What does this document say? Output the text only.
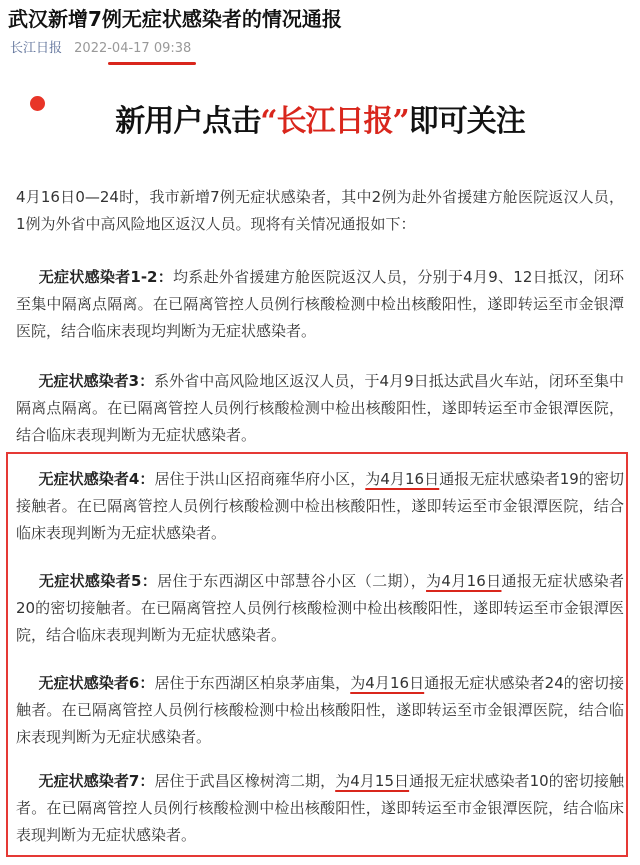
武汉新增7例无症状感染者的情况通报
长江日报 2022-04-17 09:38
新用户点击“长江日报”即可关注
4月16日0—24时，我市新增7例无症状感染者，其中2例为赴外省援建方舱医院返汉人员，1例为外省中高风险地区返汉人员。现将有关情况通报如下：
  无症状感染者1-2：均系赴外省援建方舱医院返汉人员，分别于4月9、12日抵汉，闭环至集中隔离点隔离。在已隔离管控人员例行核酸检测中检出核酸阳性，遂即转运至市金银潭医院，结合临床表现均判断为无症状感染者。
  无症状感染者3：系外省中高风险地区返汉人员，于4月9日抵达武昌火车站，闭环至集中隔离点隔离。在已隔离管控人员例行核酸检测中检出核酸阳性，遂即转运至市金银潭医院，结合临床表现判断为无症状感染者。
  无症状感染者4：居住于洪山区招商雍华府小区，为4月16日通报无症状感染者19的密切接触者。在已隔离管控人员例行核酸检测中检出核酸阳性，遂即转运至市金银潭医院，结合临床表现判断为无症状感染者。
  无症状感染者5：居住于东西湖区中部慧谷小区（二期），为4月16日通报无症状感染者20的密切接触者。在已隔离管控人员例行核酸检测中检出核酸阳性，遂即转运至市金银潭医院，结合临床表现判断为无症状感染者。
  无症状感染者6：居住于东西湖区柏泉茅庙集，为4月16日通报无症状感染者24的密切接触者。在已隔离管控人员例行核酸检测中检出核酸阳性，遂即转运至市金银潭医院，结合临床表现判断为无症状感染者。
  无症状感染者7：居住于武昌区橡树湾二期，为4月15日通报无症状感染者10的密切接触者。在已隔离管控人员例行核酸检测中检出核酸阳性，遂即转运至市金银潭医院，结合临床表现判断为无症状感染者。
